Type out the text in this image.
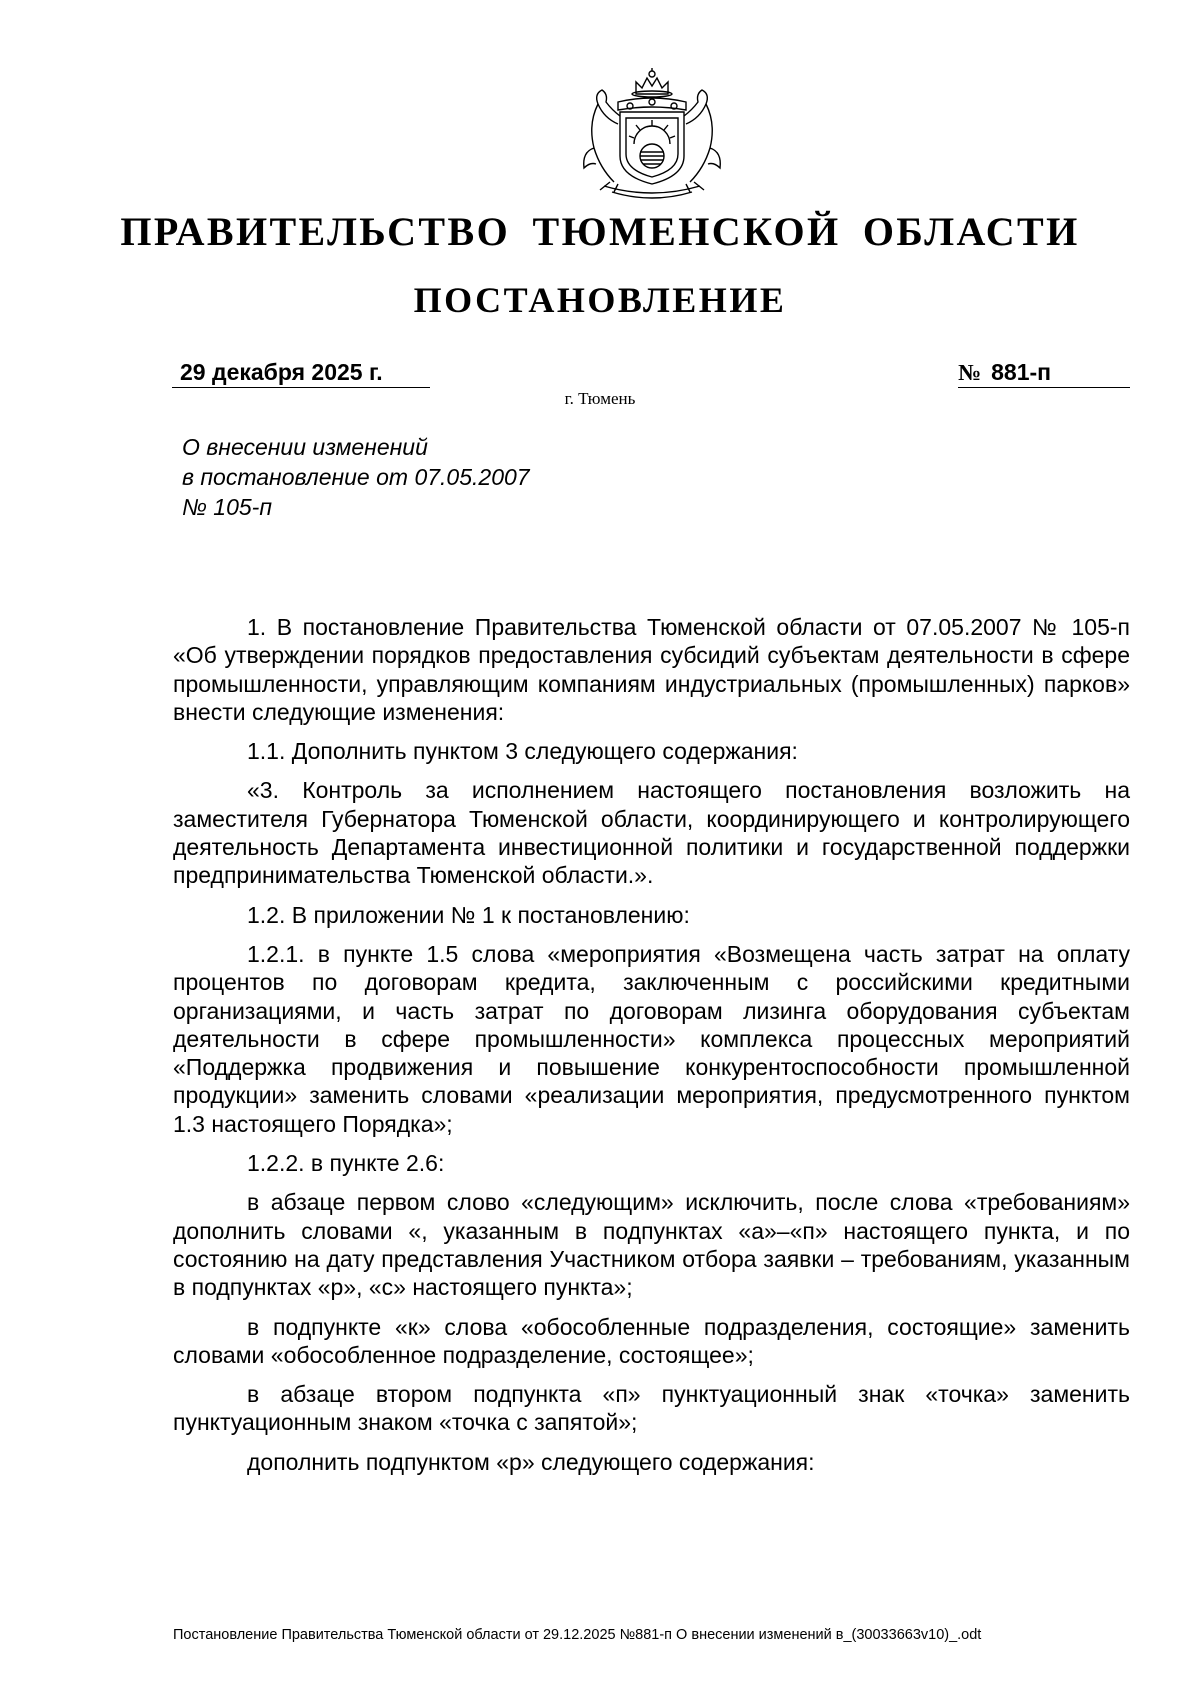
ПРАВИТЕЛЬСТВО ТЮМЕНСКОЙ ОБЛАСТИ
ПОСТАНОВЛЕНИЕ
29 декабря 2025 г.	№ 881-п
г. Тюмень
О внесении изменений
в постановление от 07.05.2007
№ 105-п

1. В постановление Правительства Тюменской области от 07.05.2007 № 105-п «Об утверждении порядков предоставления субсидий субъектам деятельности в сфере промышленности, управляющим компаниям индустриальных (промышленных) парков» внести следующие изменения:

1.1. Дополнить пунктом 3 следующего содержания:

«3. Контроль за исполнением настоящего постановления возложить на заместителя Губернатора Тюменской области, координирующего и контролирующего деятельность Департамента инвестиционной политики и государственной поддержки предпринимательства Тюменской области.».

1.2. В приложении № 1 к постановлению:

1.2.1. в пункте 1.5 слова «мероприятия «Возмещена часть затрат на оплату процентов по договорам кредита, заключенным с российскими кредитными организациями, и часть затрат по договорам лизинга оборудования субъектам деятельности в сфере промышленности» комплекса процессных мероприятий «Поддержка продвижения и повышение конкурентоспособности промышленной продукции» заменить словами «реализации мероприятия, предусмотренного пунктом 1.3 настоящего Порядка»;

1.2.2. в пункте 2.6:

в абзаце первом слово «следующим» исключить, после слова «требованиям» дополнить словами «, указанным в подпунктах «а»–«п» настоящего пункта, и по состоянию на дату представления Участником отбора заявки – требованиям, указанным в подпунктах «р», «с» настоящего пункта»;

в подпункте «к» слова «обособленные подразделения, состоящие» заменить словами «обособленное подразделение, состоящее»;

в абзаце втором подпункта «п» пунктуационный знак «точка» заменить пунктуационным знаком «точка с запятой»;

дополнить подпунктом «р» следующего содержания:

Постановление Правительства Тюменской области от 29.12.2025 №881-п О внесении изменений в_(30033663v10)_.odt
